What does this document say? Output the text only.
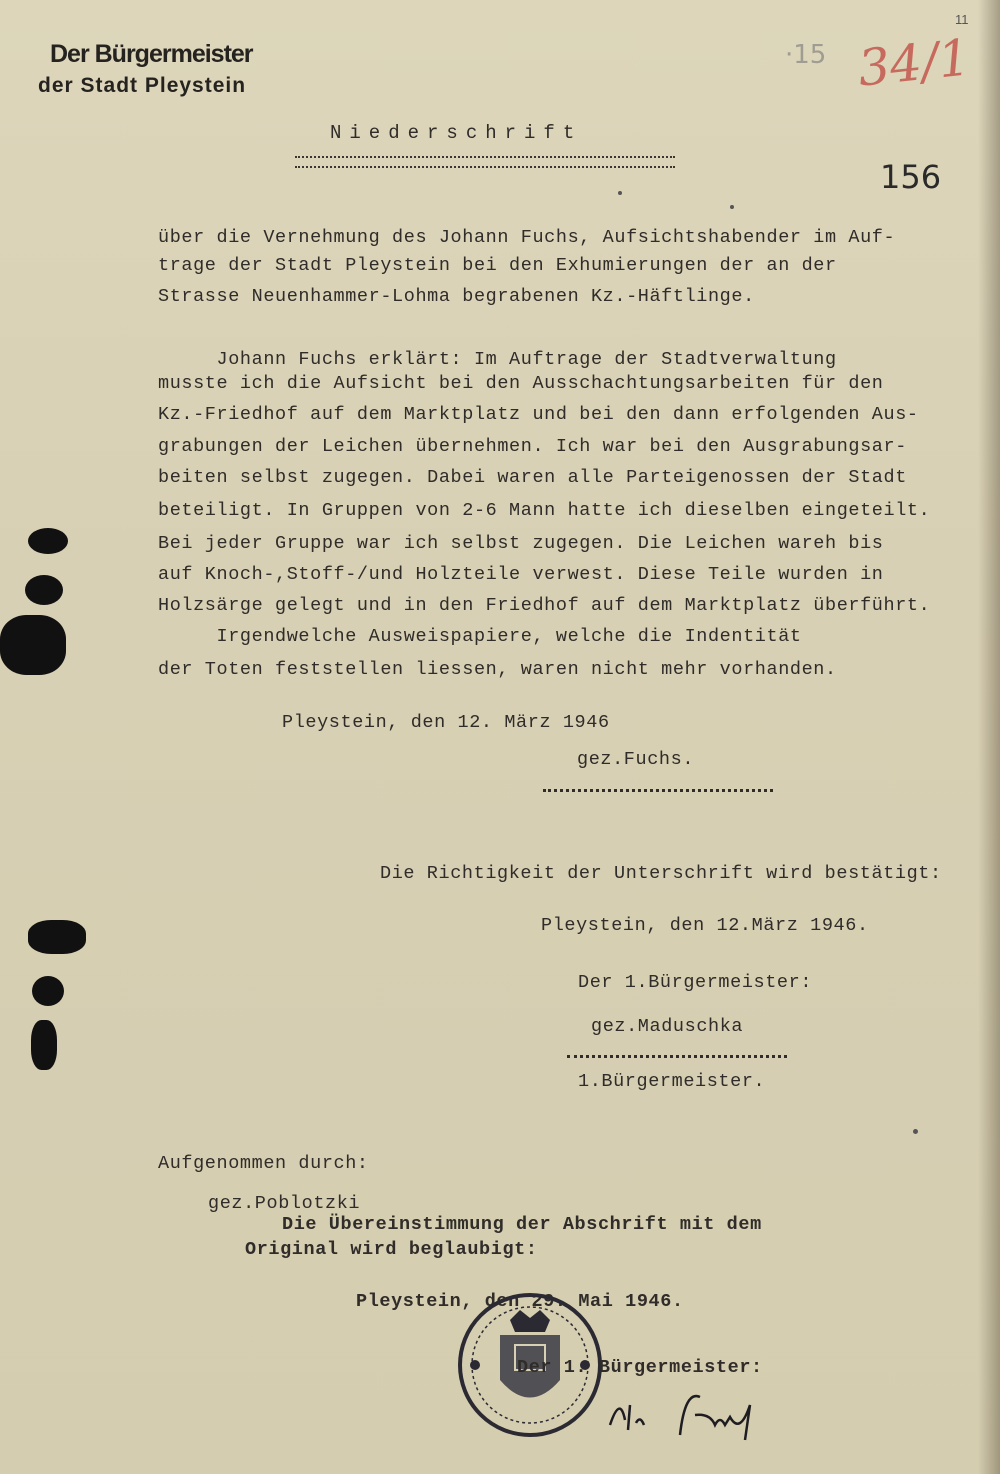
Der Bürgermeister
der Stadt Pleystein
11
·15 34/1
156
Niederschrift
über die Vernehmung des Johann Fuchs, Aufsichtshabender im Auf-
trage der Stadt Pleystein bei den Exhumierungen der an der
Strasse Neuenhammer-Lohma begrabenen Kz.-Häftlinge.
Johann Fuchs erklärt: Im Auftrage der Stadtverwaltung
musste ich die Aufsicht bei den Ausschachtungsarbeiten für den
Kz.-Friedhof auf dem Marktplatz und bei den dann erfolgenden Aus-
grabungen der Leichen übernehmen. Ich war bei den Ausgrabungsar-
beiten selbst zugegen. Dabei waren alle Parteigenossen der Stadt
beteiligt. In Gruppen von 2-6 Mann hatte ich dieselben eingeteilt.
Bei jeder Gruppe war ich selbst zugegen. Die Leichen wareh bis
auf Knoch-,Stoff-/und Holzteile verwest. Diese Teile wurden in
Holzsärge gelegt und in den Friedhof auf dem Marktplatz überführt.
Irgendwelche Ausweispapiere, welche die Indentität
der Toten feststellen liessen, waren nicht mehr vorhanden.
Pleystein, den 12. März 1946
gez.Fuchs.
Die Richtigkeit der Unterschrift wird bestätigt:
Pleystein, den 12.März 1946.
Der 1.Bürgermeister:
gez.Maduschka
1.Bürgermeister.
Aufgenommen durch:
gez.Poblotzki
Die Übereinstimmung der Abschrift mit dem
Original wird beglaubigt:
Pleystein, den 29. Mai 1946.
Der 1. Bürgermeister:
